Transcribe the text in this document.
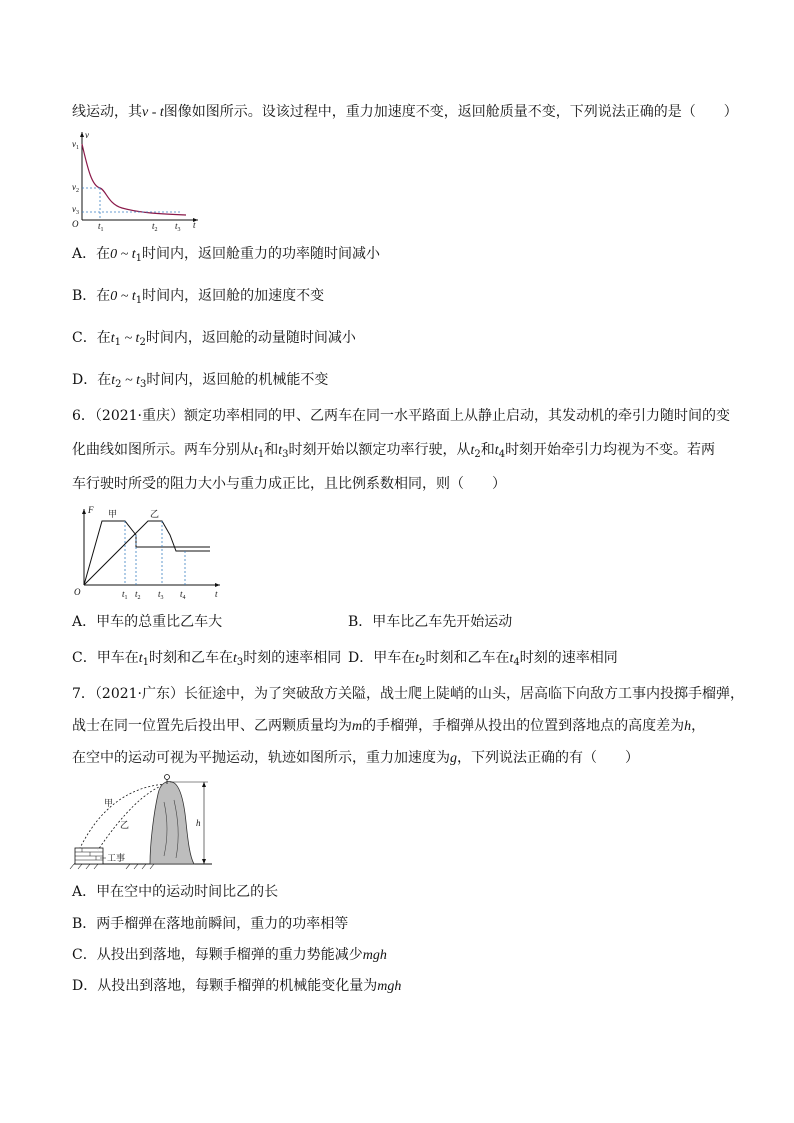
线运动，其v - t图像如图所示。设该过程中，重力加速度不变，返回舱质量不变，下列说法正确的是（　　）
v
$v_1$
$v_2$
$v_3$
O $t_1$	$t_2$ $t_3$ t
A．在0 ~ $t_1$时间内，返回舱重力的功率随时间减小
B．在0 ~ $t_1$时间内，返回舱的加速度不变
C．在$t_1$ ~ $t_2$时间内，返回舱的动量随时间减小
D．在$t_2$ ~ $t_3$时间内，返回舱的机械能不变
6．（2021·重庆）额定功率相同的甲、乙两车在同一水平路面上从静止启动，其发动机的牵引力随时间的变
化曲线如图所示。两车分别从$t_1$和$t_3$时刻开始以额定功率行驶，从$t_2$和$t_4$时刻开始牵引力均视为不变。若两
车行驶时所受的阻力大小与重力成正比，且比例系数相同，则（　　）
F 甲	乙
O	t
$t_1$ $t_2$ $t_3$ $t_4$
A．甲车的总重比乙车大	B．甲车比乙车先开始运动
C．甲车在$t_1$时刻和乙车在$t_3$时刻的速率相同 D．甲车在$t_2$时刻和乙车在$t_4$时刻的速率相同
7．（2021·广东）长征途中，为了突破敌方关隘，战士爬上陡峭的山头，居高临下向敌方工事内投掷手榴弹，
战士在同一位置先后投出甲、乙两颗质量均为m的手榴弹，手榴弹从投出的位置到落地点的高度差为h，
在空中的运动可视为平抛运动，轨迹如图所示，重力加速度为g，下列说法正确的有（　　）
h
甲
乙
工事
A．甲在空中的运动时间比乙的长
B．两手榴弹在落地前瞬间，重力的功率相等
C．从投出到落地，每颗手榴弹的重力势能减少mgh
D．从投出到落地，每颗手榴弹的机械能变化量为mgh
